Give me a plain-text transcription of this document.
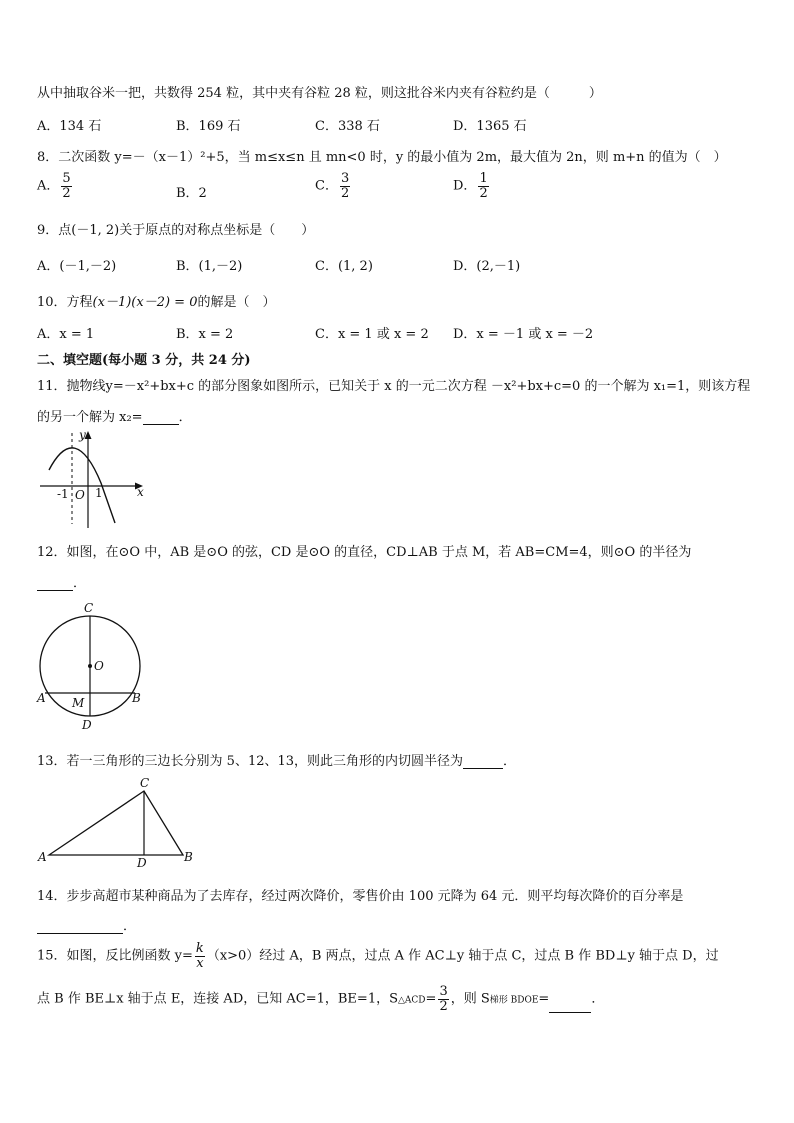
从中抽取谷米一把，共数得 254 粒，其中夹有谷粒 28 粒，则这批谷米内夹有谷粒约是（　　　）
A．134 石	B．169 石	C．338 石	D．1365 石
8．二次函数 y=－（x－1）²+5，当 m≤x≤n 且 mn<0 时，y 的最小值为 2m，最大值为 2n，则 m+n 的值为（　）
A． $\frac{5}{2}$	B．2	C． $\frac{3}{2}$	D． $\frac{1}{2}$
9．点(－1, 2)关于原点的对称点坐标是（　　）
A．(－1,－2)	B．(1,－2)	C．(1, 2)	D．(2,－1)
10．方程(x－1)(x－2) = 0的解是（　）
A．x = 1	B．x = 2	C．x = 1 或 x = 2 D．x = －1 或 x = －2
二、填空题(每小题 3 分，共 24 分)
11．抛物线y=－x²+bx+c 的部分图象如图所示，已知关于 x 的一元二次方程 －x²+bx+c=0 的一个解为 x₁=1，则该方程
的另一个解为 x₂=	．
y
x
-1 O 1
12．如图，在⊙O 中，AB 是⊙O 的弦，CD 是⊙O 的直径，CD⊥AB 于点 M，若 AB=CM=4，则⊙O 的半径为
．
C
O
A M	B
D
13．若一三角形的三边长分别为 5、12、13，则此三角形的内切圆半径为	．
C
A	D	B
14．步步高超市某种商品为了去库存，经过两次降价，零售价由 100 元降为 64 元．则平均每次降价的百分率是
．
15．如图，反比例函数 $y= \frac{k}{x} (x>0)$经过 A，B 两点，过点 A 作 AC⊥y 轴于点 C，过点 B 作 BD⊥y 轴于点 D，过
点 B 作 BE⊥x 轴于点 E，连接 AD，已知 AC=1，BE=1，S△ACD= $\frac{3}{2}$ ，则 S梯形 BDOE=	．
